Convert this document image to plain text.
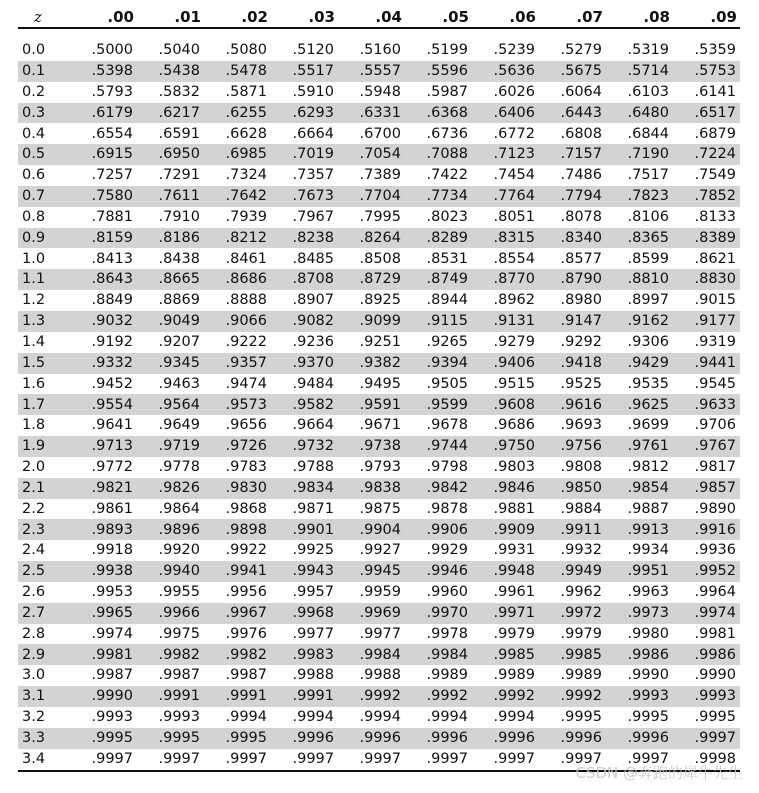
z	.00	.01	.02	.03	.04	.05	.06	.07	.08	.09

0.0	.5000	.5040	.5080	.5120	.5160	.5199	.5239	.5279	.5319	.5359
0.1	.5398	.5438	.5478	.5517	.5557	.5596	.5636	.5675	.5714	.5753
0.2	.5793	.5832	.5871	.5910	.5948	.5987	.6026	.6064	.6103	.6141
0.3	.6179	.6217	.6255	.6293	.6331	.6368	.6406	.6443	.6480	.6517
0.4	.6554	.6591	.6628	.6664	.6700	.6736	.6772	.6808	.6844	.6879
0.5	.6915	.6950	.6985	.7019	.7054	.7088	.7123	.7157	.7190	.7224
0.6	.7257	.7291	.7324	.7357	.7389	.7422	.7454	.7486	.7517	.7549
0.7	.7580	.7611	.7642	.7673	.7704	.7734	.7764	.7794	.7823	.7852
0.8	.7881	.7910	.7939	.7967	.7995	.8023	.8051	.8078	.8106	.8133
0.9	.8159	.8186	.8212	.8238	.8264	.8289	.8315	.8340	.8365	.8389
1.0	.8413	.8438	.8461	.8485	.8508	.8531	.8554	.8577	.8599	.8621
1.1	.8643	.8665	.8686	.8708	.8729	.8749	.8770	.8790	.8810	.8830
1.2	.8849	.8869	.8888	.8907	.8925	.8944	.8962	.8980	.8997	.9015
1.3	.9032	.9049	.9066	.9082	.9099	.9115	.9131	.9147	.9162	.9177
1.4	.9192	.9207	.9222	.9236	.9251	.9265	.9279	.9292	.9306	.9319
1.5	.9332	.9345	.9357	.9370	.9382	.9394	.9406	.9418	.9429	.9441
1.6	.9452	.9463	.9474	.9484	.9495	.9505	.9515	.9525	.9535	.9545
1.7	.9554	.9564	.9573	.9582	.9591	.9599	.9608	.9616	.9625	.9633
1.8	.9641	.9649	.9656	.9664	.9671	.9678	.9686	.9693	.9699	.9706
1.9	.9713	.9719	.9726	.9732	.9738	.9744	.9750	.9756	.9761	.9767
2.0	.9772	.9778	.9783	.9788	.9793	.9798	.9803	.9808	.9812	.9817
2.1	.9821	.9826	.9830	.9834	.9838	.9842	.9846	.9850	.9854	.9857
2.2	.9861	.9864	.9868	.9871	.9875	.9878	.9881	.9884	.9887	.9890
2.3	.9893	.9896	.9898	.9901	.9904	.9906	.9909	.9911	.9913	.9916
2.4	.9918	.9920	.9922	.9925	.9927	.9929	.9931	.9932	.9934	.9936
2.5	.9938	.9940	.9941	.9943	.9945	.9946	.9948	.9949	.9951	.9952
2.6	.9953	.9955	.9956	.9957	.9959	.9960	.9961	.9962	.9963	.9964
2.7	.9965	.9966	.9967	.9968	.9969	.9970	.9971	.9972	.9973	.9974
2.8	.9974	.9975	.9976	.9977	.9977	.9978	.9979	.9979	.9980	.9981
2.9	.9981	.9982	.9982	.9983	.9984	.9984	.9985	.9985	.9986	.9986
3.0	.9987	.9987	.9987	.9988	.9988	.9989	.9989	.9989	.9990	.9990
3.1	.9990	.9991	.9991	.9991	.9992	.9992	.9992	.9992	.9993	.9993
3.2	.9993	.9993	.9994	.9994	.9994	.9994	.9994	.9995	.9995	.9995
3.3	.9995	.9995	.9995	.9996	.9996	.9996	.9996	.9996	.9996	.9997
3.4	.9997	.9997	.9997	.9997	.9997	.9997	.9997	.9997	.9997	.9998
CSDN @奔跑的犀牛先生
